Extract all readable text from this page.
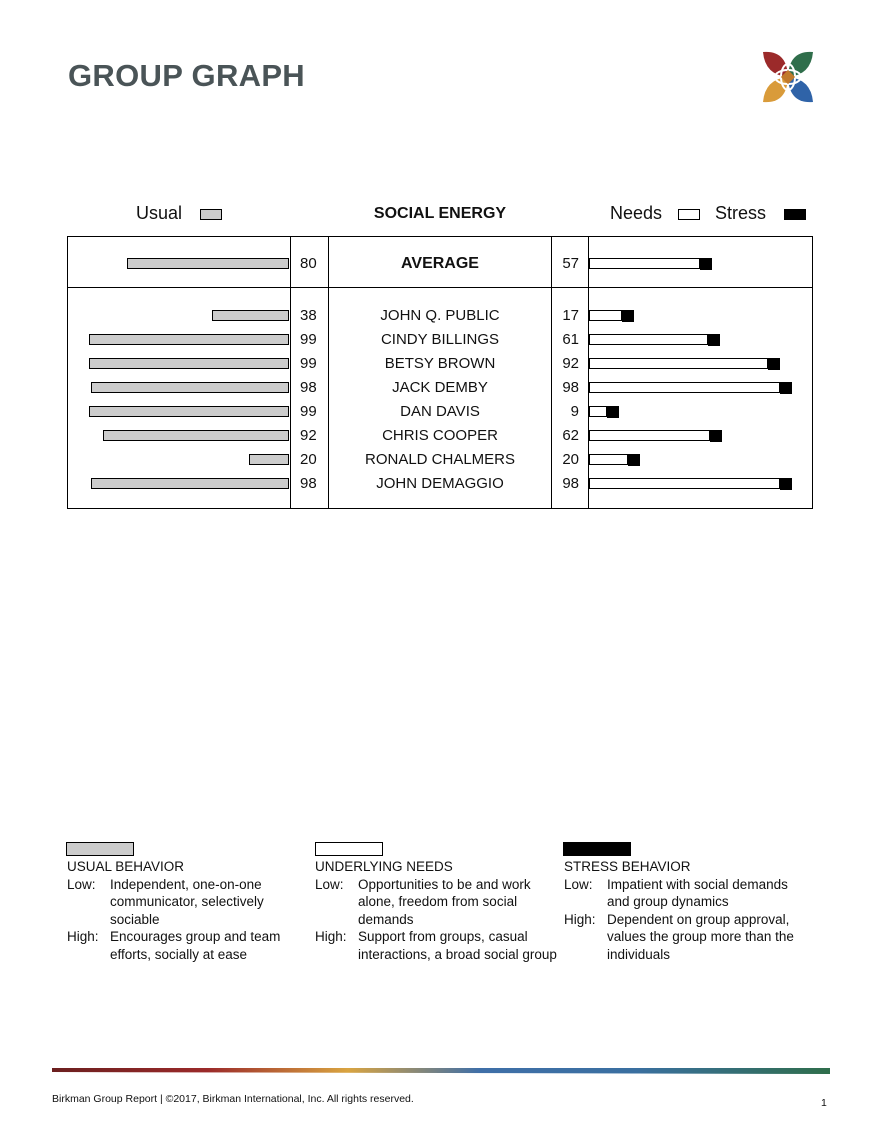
GROUP GRAPH
Usual	SOCIAL ENERGY	Needs	Stress
80	AVERAGE	57
38	JOHN Q. PUBLIC	17
99	CINDY BILLINGS	61
99	BETSY BROWN	92
98	JACK DEMBY	98
99	DAN DAVIS	9
92	CHRIS COOPER	62
20	RONALD CHALMERS	20
98	JOHN DEMAGGIO	98
USUAL BEHAVIOR
Low:	Independent, one-on-one communicator, selectively sociable
High: Encourages group and team efforts, socially at ease
UNDERLYING NEEDS
Low:	Opportunities to be and work alone, freedom from social demands
High: Support from groups, casual interactions, a broad social group
STRESS BEHAVIOR
Low:	Impatient with social demands and group dynamics
High: Dependent on group approval, values the group more than the individuals
Birkman Group Report | ©2017, Birkman International, Inc. All rights reserved.	1
